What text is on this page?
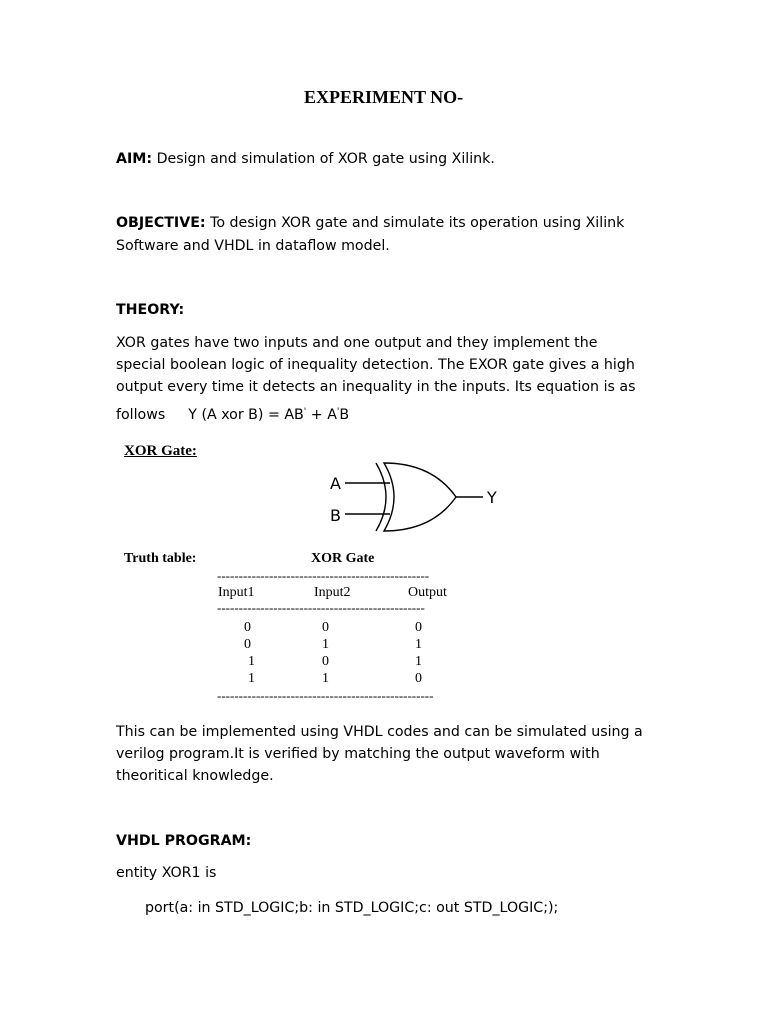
EXPERIMENT NO-
AIM: Design and simulation of XOR gate using Xilink.
OBJECTIVE: To design XOR gate and simulate its operation using Xilink
Software and VHDL in dataflow model.
THEORY:
XOR gates have two inputs and one output and they implement the
special boolean logic of inequality detection. The EXOR gate gives a high
output every time it detects an inequality in the inputs. Its equation is as
follows Y (A xor B) = AB' + A'B
XOR Gate:
A
B
Y
Truth table:	XOR Gate
-------------------------------------------------
Input1	Input2	Output
------------------------------------------------
0	0	0
0	1	1
1	0	1
1	1	0
--------------------------------------------------
This can be implemented using VHDL codes and can be simulated using a
verilog program.It is verified by matching the output waveform with
theoritical knowledge.
VHDL PROGRAM:
entity XOR1 is
port(a: in STD_LOGIC;b: in STD_LOGIC;c: out STD_LOGIC;);
